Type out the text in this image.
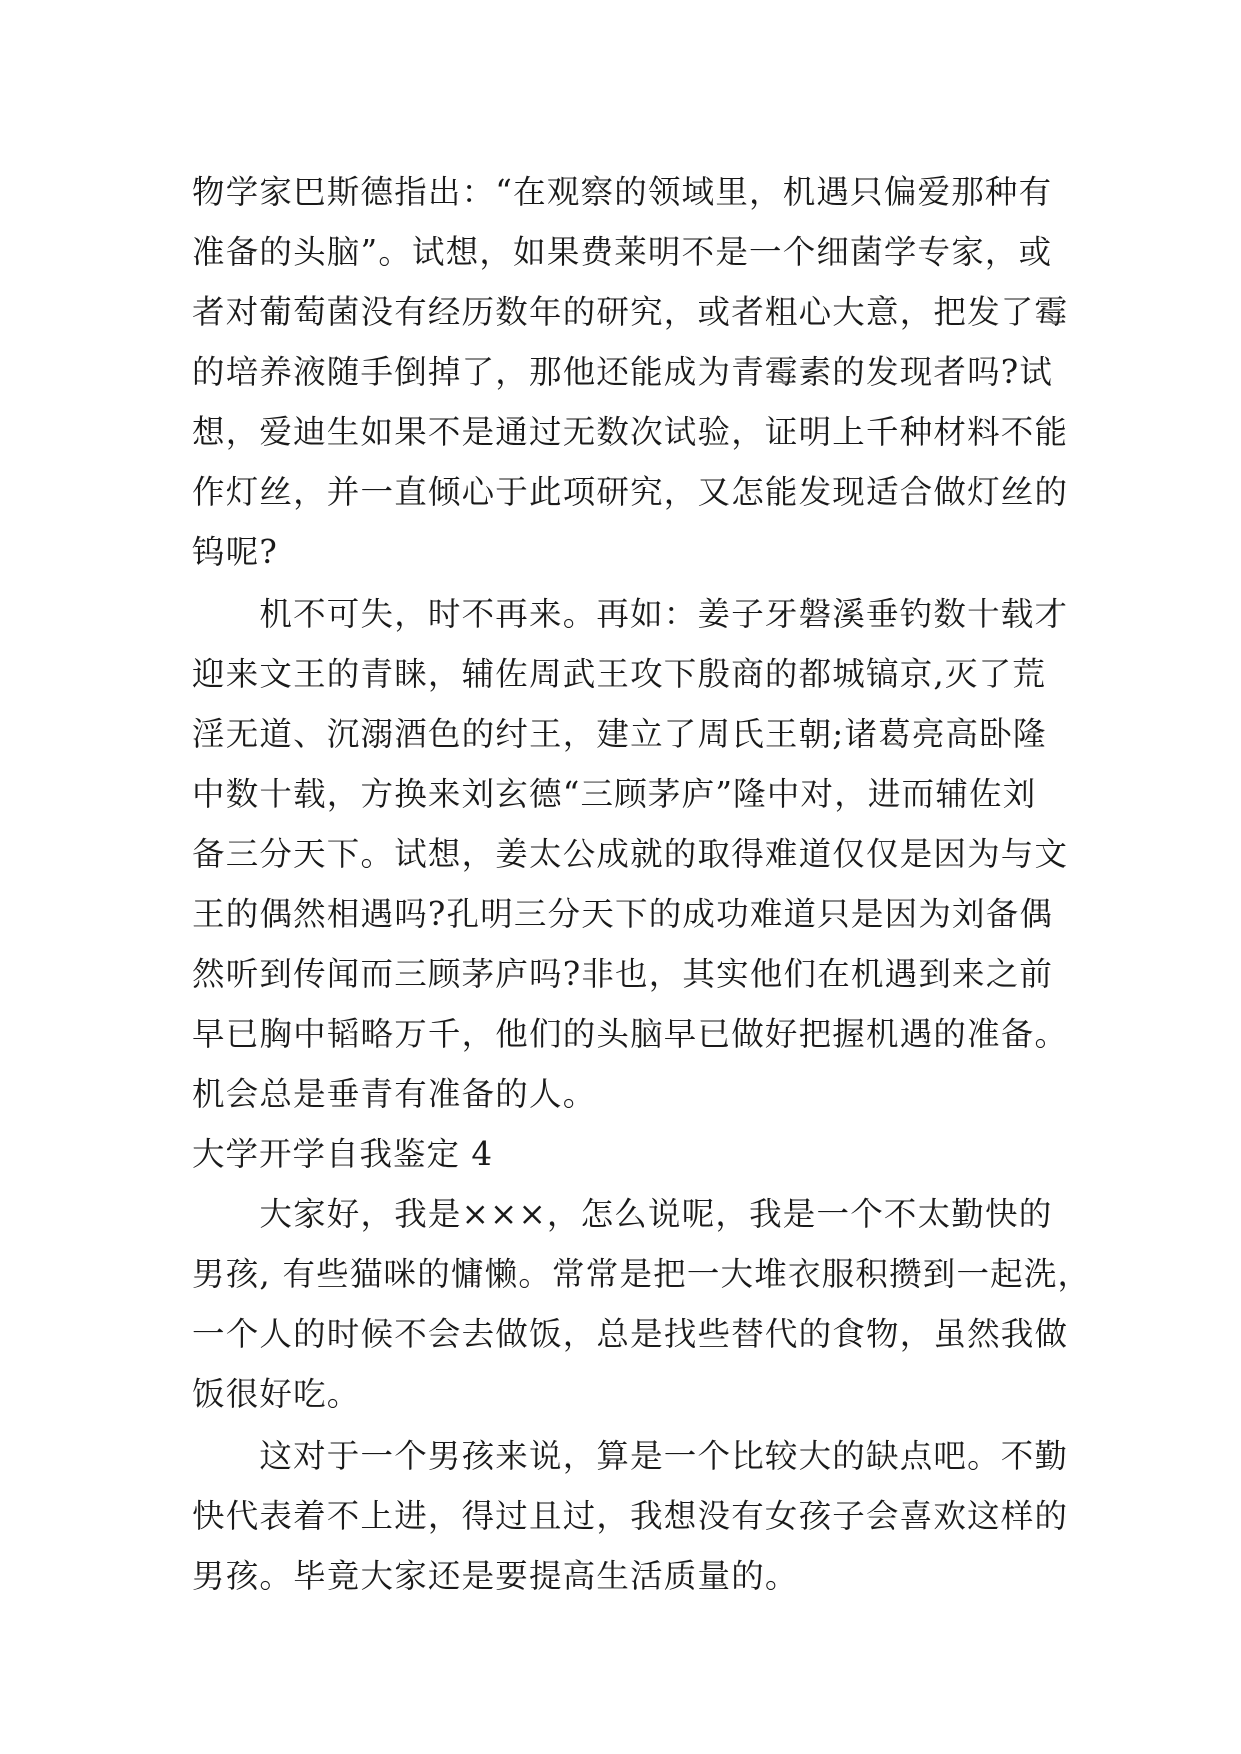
物学家巴斯德指出：“在观察的领域里，机遇只偏爱那种有
准备的头脑”。试想，如果费莱明不是一个细菌学专家，或
者对葡萄菌没有经历数年的研究，或者粗心大意，把发了霉
的培养液随手倒掉了，那他还能成为青霉素的发现者吗?试
想，爱迪生如果不是通过无数次试验，证明上千种材料不能
作灯丝，并一直倾心于此项研究，又怎能发现适合做灯丝的
钨呢?
　　机不可失，时不再来。再如：姜子牙磐溪垂钓数十载才
迎来文王的青睐，辅佐周武王攻下殷商的都城镐京,灭了荒
淫无道、沉溺酒色的纣王，建立了周氏王朝;诸葛亮高卧隆
中数十载，方换来刘玄德“三顾茅庐”隆中对，进而辅佐刘
备三分天下。试想，姜太公成就的取得难道仅仅是因为与文
王的偶然相遇吗?孔明三分天下的成功难道只是因为刘备偶
然听到传闻而三顾茅庐吗?非也，其实他们在机遇到来之前
早已胸中韬略万千，他们的头脑早已做好把握机遇的准备。
机会总是垂青有准备的人。
大学开学自我鉴定 4
　　大家好，我是×××，怎么说呢，我是一个不太勤快的
男孩, 有些猫咪的慵懒。常常是把一大堆衣服积攒到一起洗，
一个人的时候不会去做饭，总是找些替代的食物，虽然我做
饭很好吃。
　　这对于一个男孩来说，算是一个比较大的缺点吧。不勤
快代表着不上进，得过且过，我想没有女孩子会喜欢这样的
男孩。毕竟大家还是要提高生活质量的。
